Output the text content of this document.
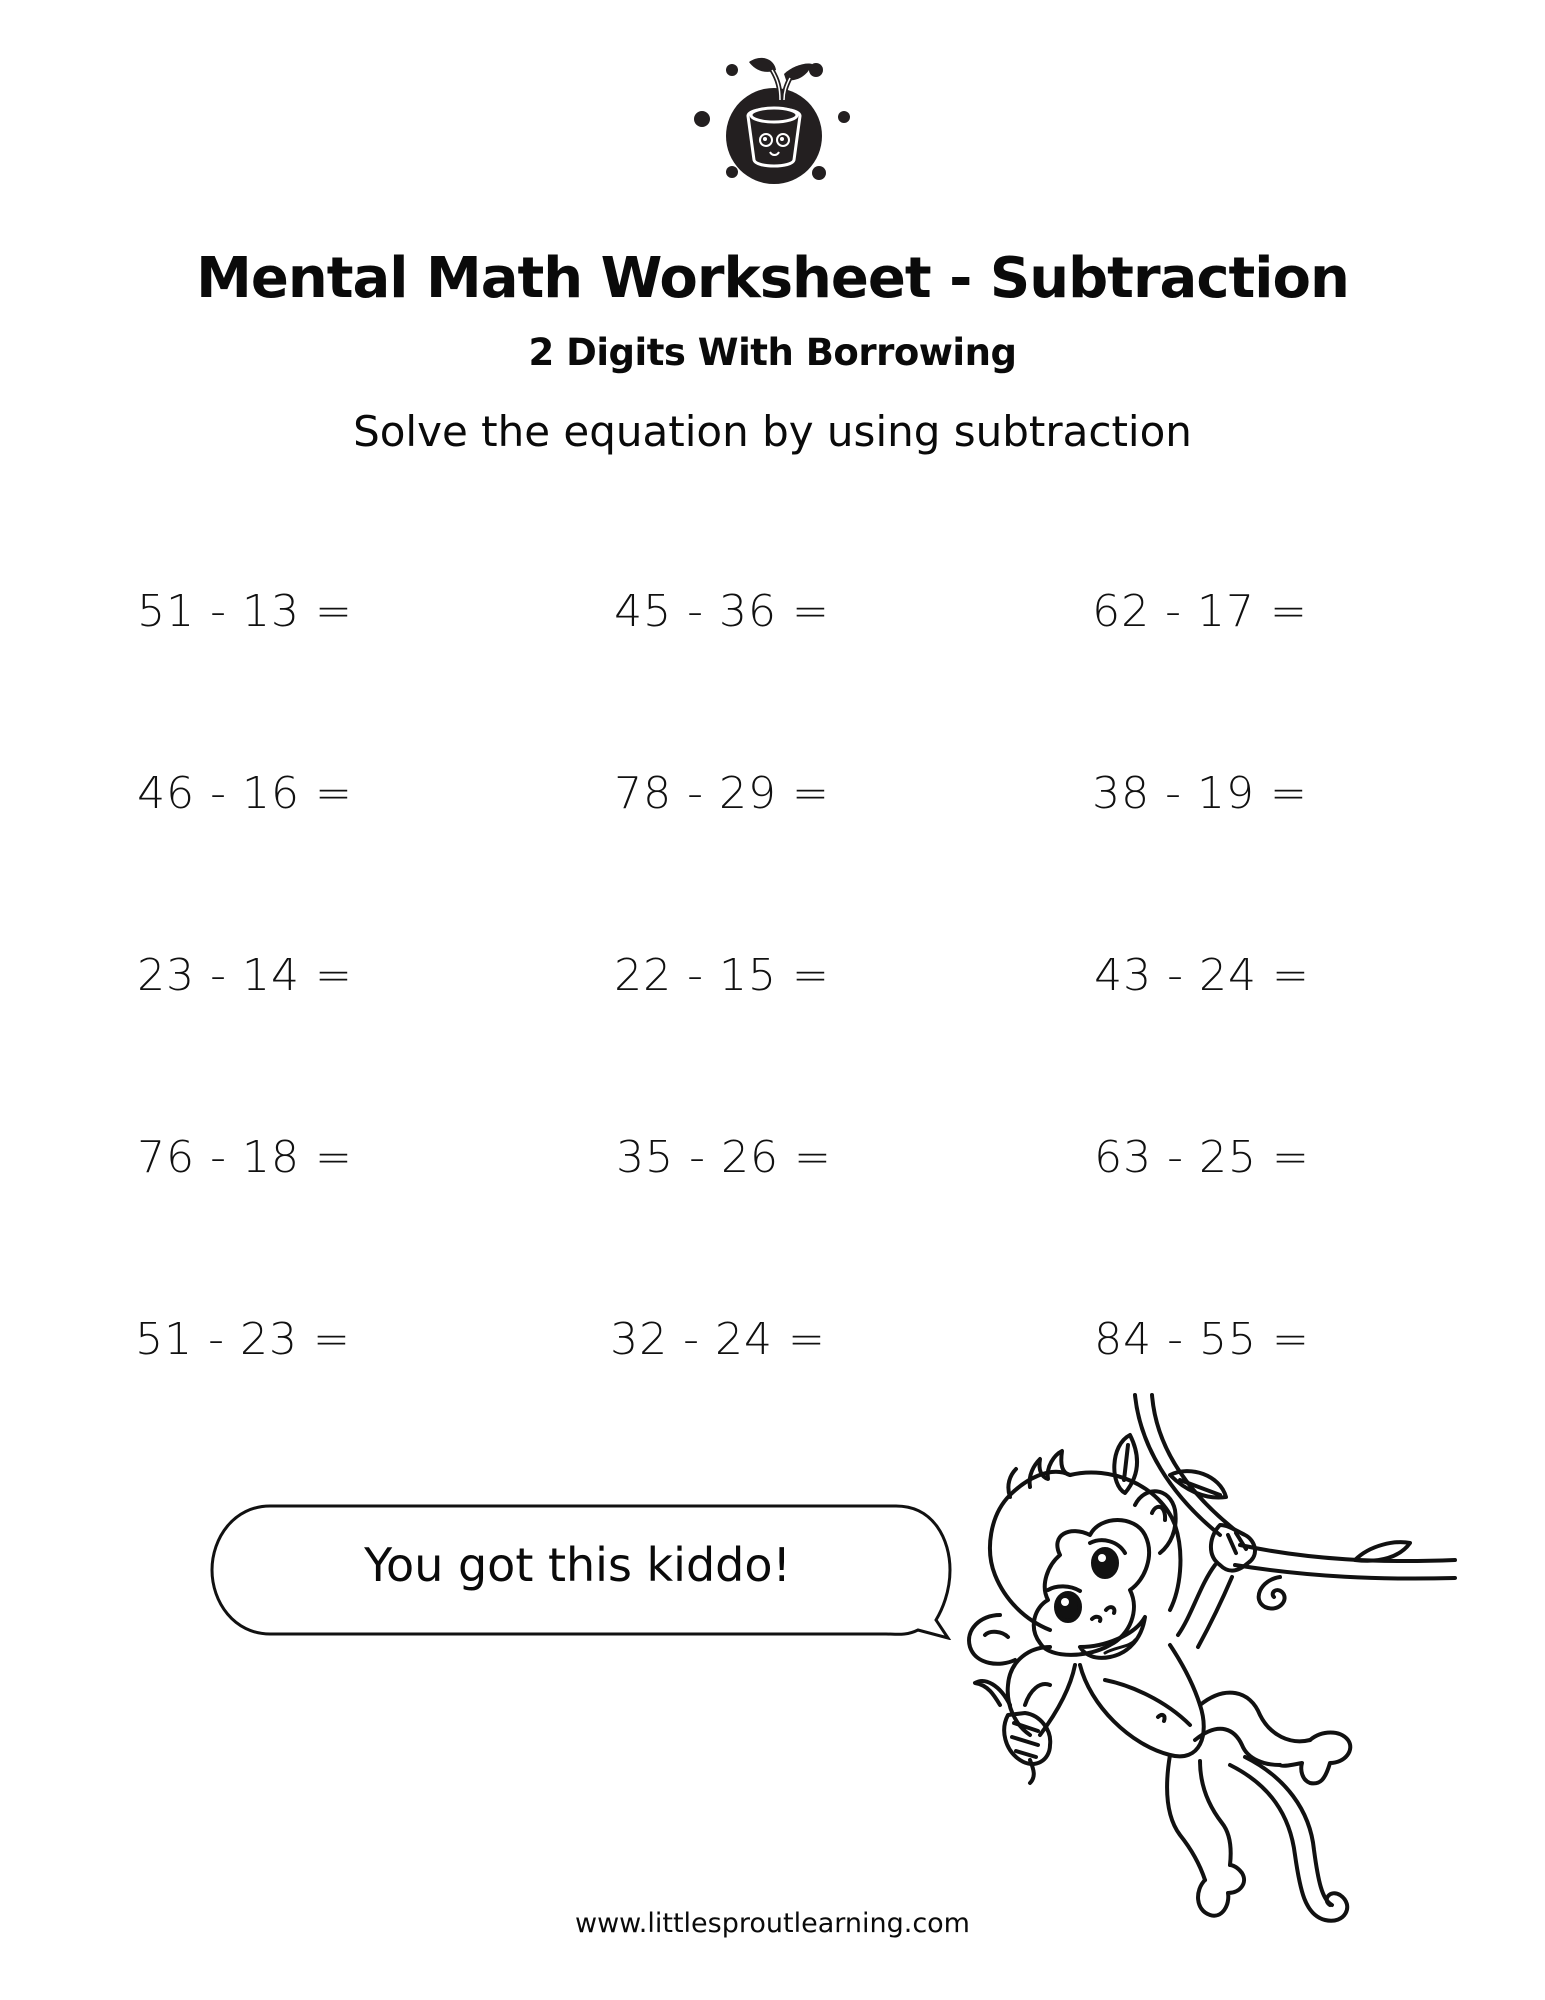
Mental Math Worksheet - Subtraction
2 Digits With Borrowing
Solve the equation by using subtraction
51 - 13 =	45 - 36 =	62 - 17 =
46 - 16 =	78 - 29 =	38 - 19 =
23 - 14 =	22 - 15 =	43 - 24 =
76 - 18 =	35 - 26 =	63 - 25 =
51 - 23 =	32 - 24 =	84 - 55 =
You got this kiddo!
www.littlesproutlearning.com
